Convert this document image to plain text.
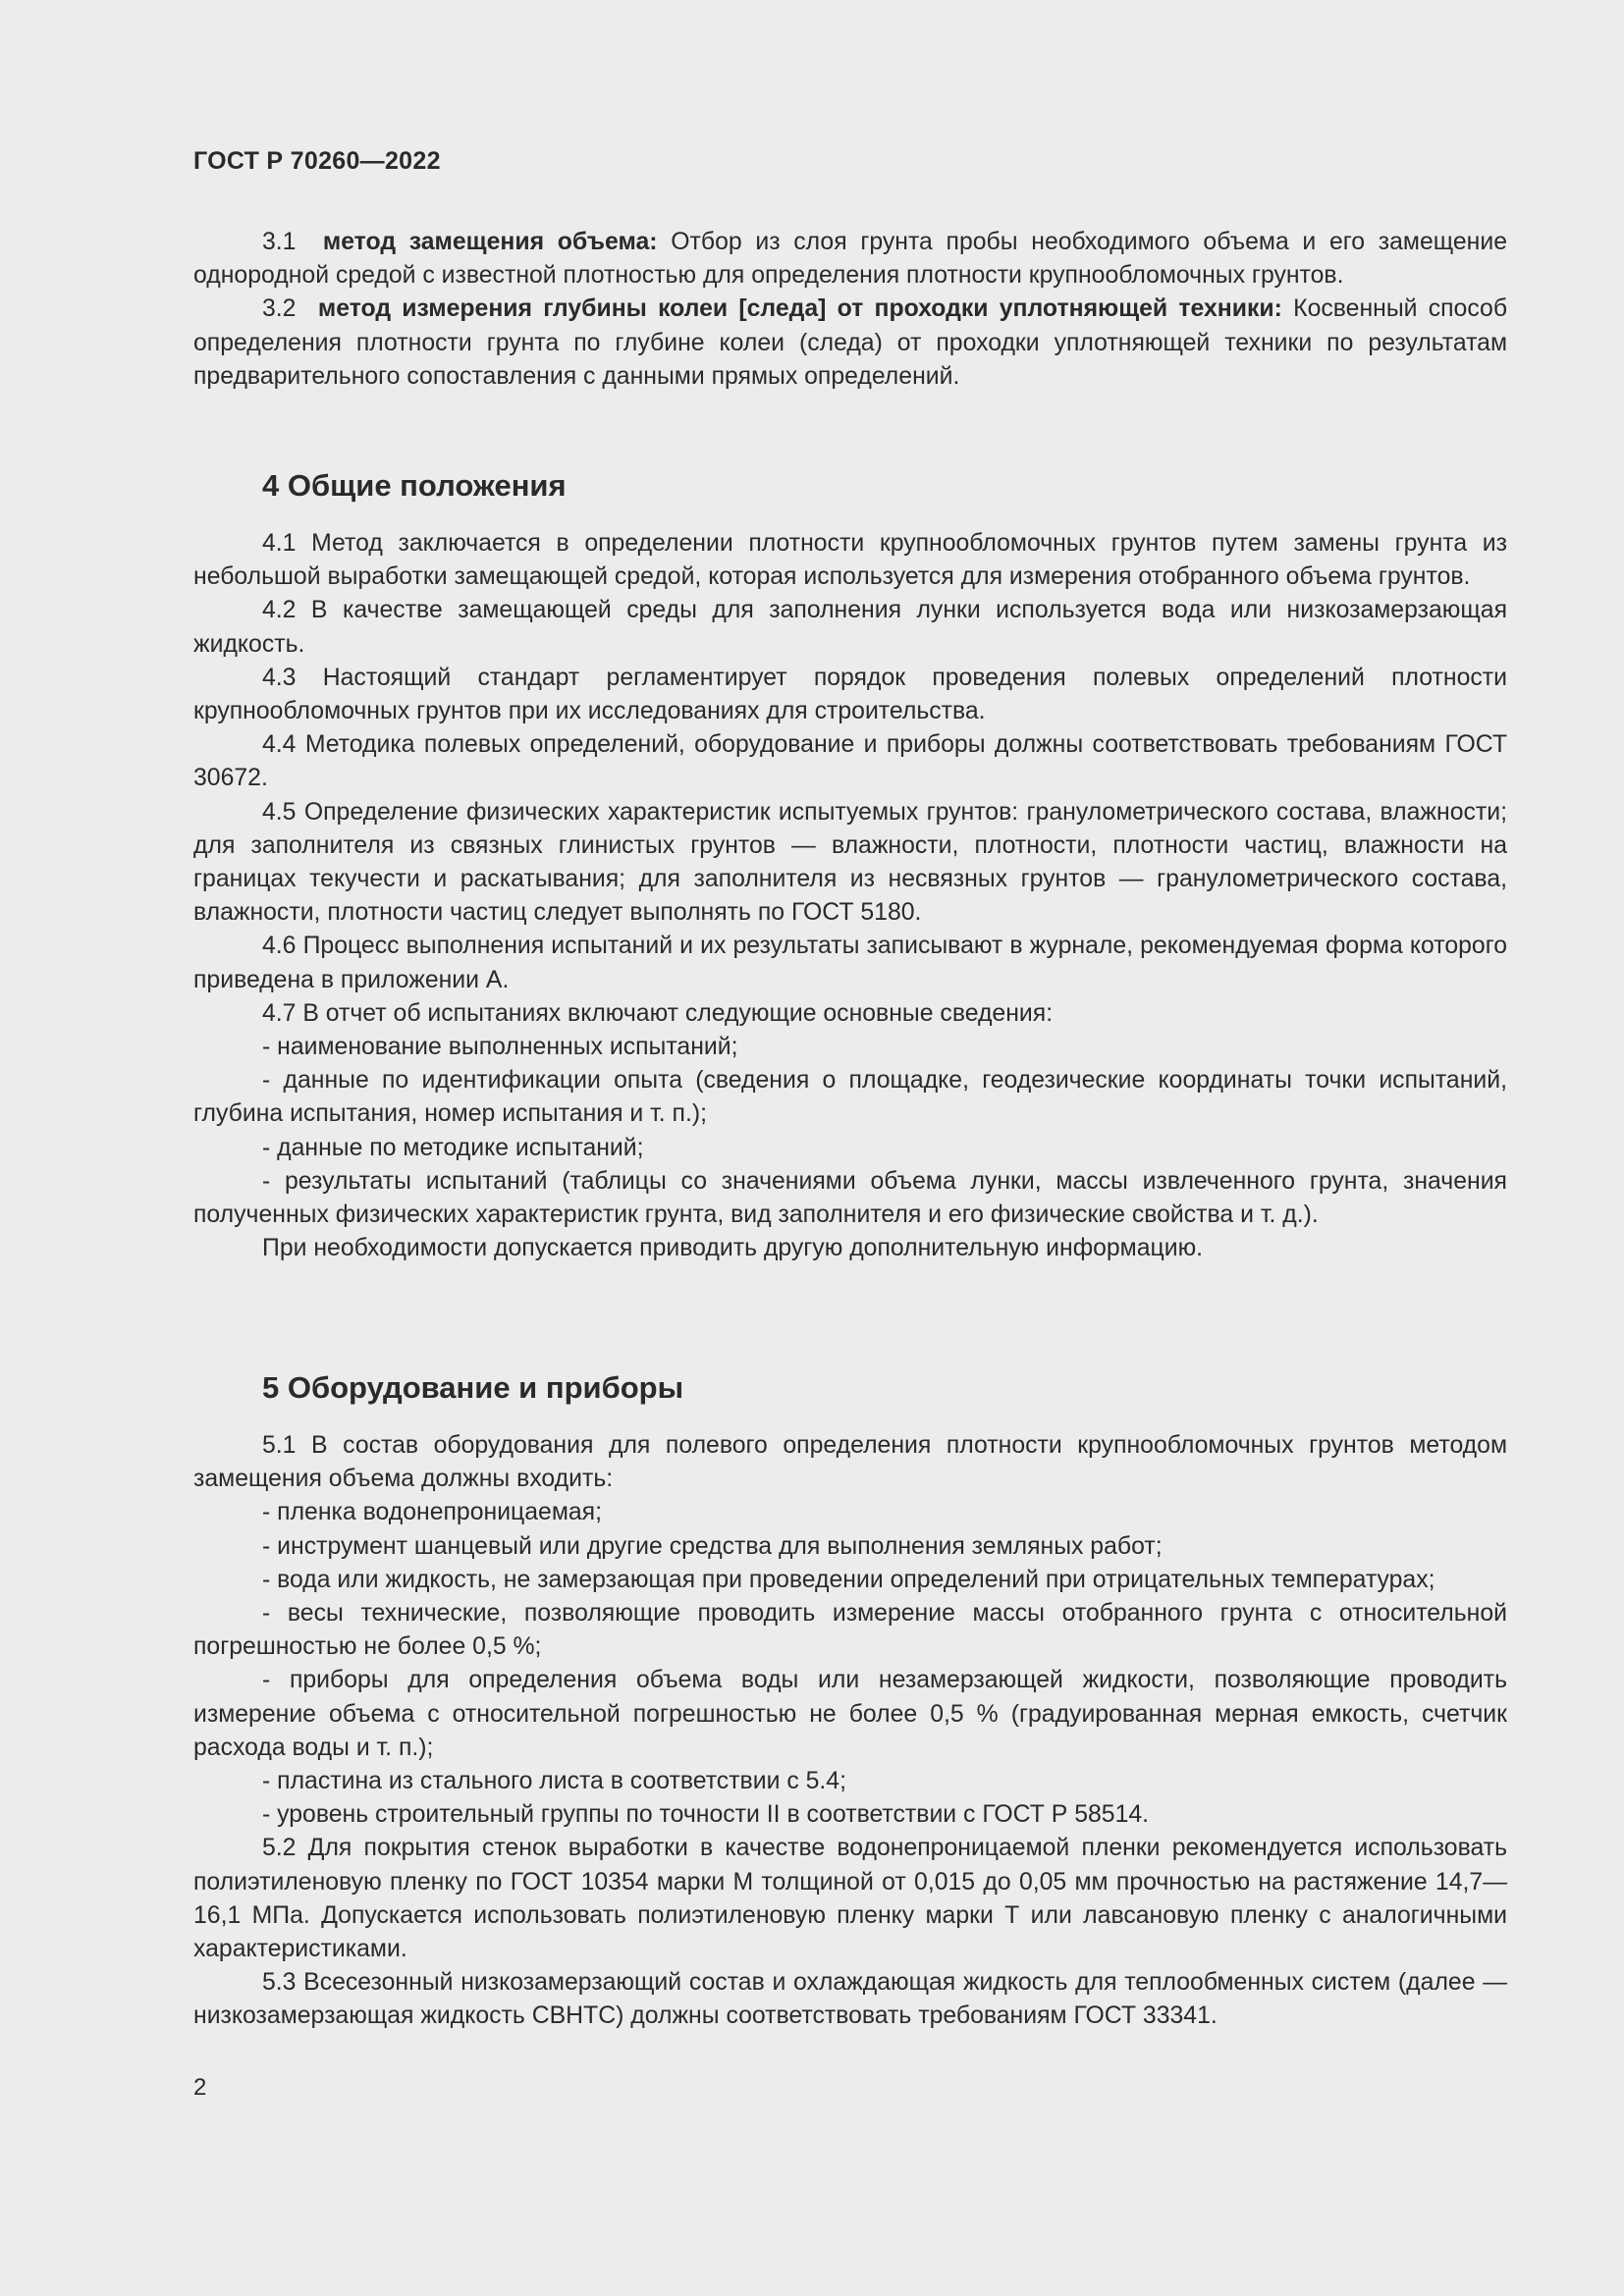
ГОСТ Р 70260—2022

3.1 метод замещения объема: Отбор из слоя грунта пробы необходимого объема и его замещение однородной средой с известной плотностью для определения плотности крупнообломочных грунтов.

3.2 метод измерения глубины колеи [следа] от проходки уплотняющей техники: Косвенный способ определения плотности грунта по глубине колеи (следа) от проходки уплотняющей техники по результатам предварительного сопоставления с данными прямых определений.

4 Общие положения

4.1 Метод заключается в определении плотности крупнообломочных грунтов путем замены грунта из небольшой выработки замещающей средой, которая используется для измерения отобранного объема грунтов.

4.2 В качестве замещающей среды для заполнения лунки используется вода или низкозамерзающая жидкость.

4.3 Настоящий стандарт регламентирует порядок проведения полевых определений плотности крупнообломочных грунтов при их исследованиях для строительства.

4.4 Методика полевых определений, оборудование и приборы должны соответствовать требованиям ГОСТ 30672.

4.5 Определение физических характеристик испытуемых грунтов: гранулометрического состава, влажности; для заполнителя из связных глинистых грунтов — влажности, плотности, плотности частиц, влажности на границах текучести и раскатывания; для заполнителя из несвязных грунтов — гранулометрического состава, влажности, плотности частиц следует выполнять по ГОСТ 5180.

4.6 Процесс выполнения испытаний и их результаты записывают в журнале, рекомендуемая форма которого приведена в приложении А.

4.7 В отчет об испытаниях включают следующие основные сведения:

- наименование выполненных испытаний;

- данные по идентификации опыта (сведения о площадке, геодезические координаты точки испытаний, глубина испытания, номер испытания и т. п.);

- данные по методике испытаний;

- результаты испытаний (таблицы со значениями объема лунки, массы извлеченного грунта, значения полученных физических характеристик грунта, вид заполнителя и его физические свойства и т. д.).

При необходимости допускается приводить другую дополнительную информацию.

5 Оборудование и приборы

5.1 В состав оборудования для полевого определения плотности крупнообломочных грунтов методом замещения объема должны входить:

- пленка водонепроницаемая;

- инструмент шанцевый или другие средства для выполнения земляных работ;

- вода или жидкость, не замерзающая при проведении определений при отрицательных температурах;

- весы технические, позволяющие проводить измерение массы отобранного грунта с относительной погрешностью не более 0,5 %;

- приборы для определения объема воды или незамерзающей жидкости, позволяющие проводить измерение объема с относительной погрешностью не более 0,5 % (градуированная мерная емкость, счетчик расхода воды и т. п.);

- пластина из стального листа в соответствии с 5.4;

- уровень строительный группы по точности II в соответствии с ГОСТ Р 58514.

5.2 Для покрытия стенок выработки в качестве водонепроницаемой пленки рекомендуется использовать полиэтиленовую пленку по ГОСТ 10354 марки М толщиной от 0,015 до 0,05 мм прочностью на растяжение 14,7—16,1 МПа. Допускается использовать полиэтиленовую пленку марки Т или лавсановую пленку с аналогичными характеристиками.

5.3 Всесезонный низкозамерзающий состав и охлаждающая жидкость для теплообменных систем (далее — низкозамерзающая жидкость СВНТС) должны соответствовать требованиям ГОСТ 33341.

2
